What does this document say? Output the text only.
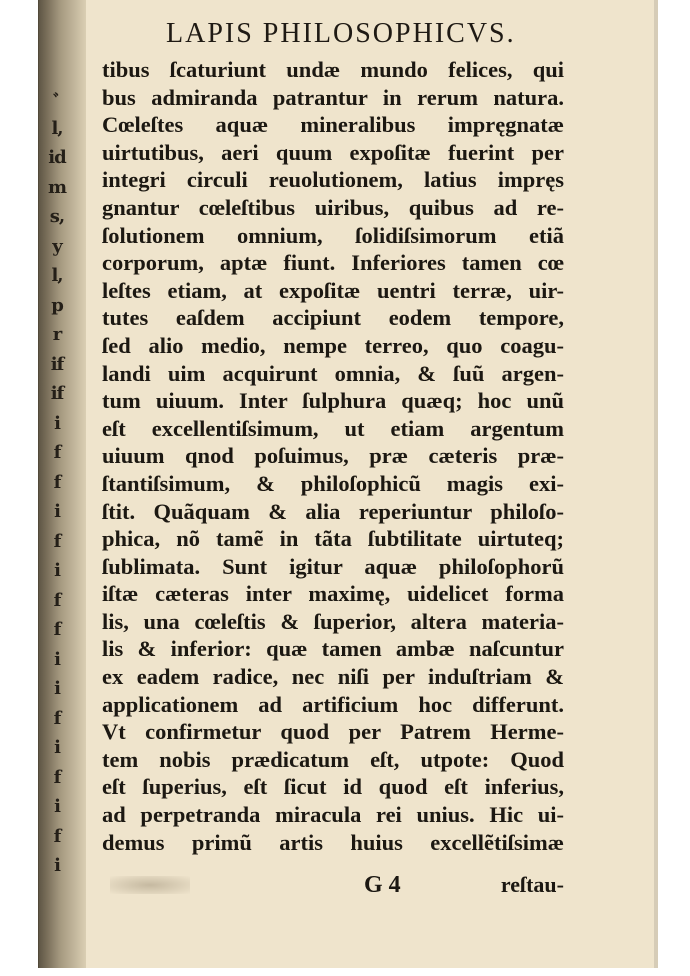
ﾞ
l,
id
m
s,
y
l,
p
r
if
if
i
f
f
i
f
i
f
f
i
i
f
i
f
i
f
i
LAPIS PHILOSOPHICVS.
tibus ſcaturiunt undæ mundo felices, qui
bus admiranda patrantur in rerum natura.
Cœleſtes aquæ mineralibus impręgnatæ
uirtutibus, aeri quum expoſitæ fuerint per
integri circuli reuolutionem, latius impręs
gnantur cœleſtibus uiribus, quibus ad re-
ſolutionem omnium, ſolidiſsimorum etiã
corporum, aptæ fiunt. Inferiores tamen cœ
leſtes etiam, at expoſitæ uentri terræ, uir-
tutes eaſdem accipiunt eodem tempore,
ſed alio medio, nempe terreo, quo coagu-
landi uim acquirunt omnia, & ſuũ argen-
tum uiuum. Inter ſulphura quæq; hoc unũ
eſt excellentiſsimum, ut etiam argentum
uiuum qnod poſuimus, præ cæteris præ-
ſtantiſsimum, & philoſophicũ magis exi-
ſtit. Quãquam & alia reperiuntur philoſo-
phica, nõ tamẽ in tãta ſubtilitate uirtuteq;
ſublimata. Sunt igitur aquæ philoſophorũ
iſtæ cæteras inter maximę, uidelicet forma
lis, una cœleſtis & ſuperior, altera materia-
lis & inferior: quæ tamen ambæ naſcuntur
ex eadem radice, nec niſi per induſtriam &
applicationem ad artificium hoc differunt.
Vt confirmetur quod per Patrem Herme-
tem nobis prædicatum eſt, utpote: Quod
eſt ſuperius, eſt ſicut id quod eſt inferius,
ad perpetranda miracula rei unius. Hic ui-
demus primũ artis huius excellẽtiſsimæ
G 4	reſtau-
